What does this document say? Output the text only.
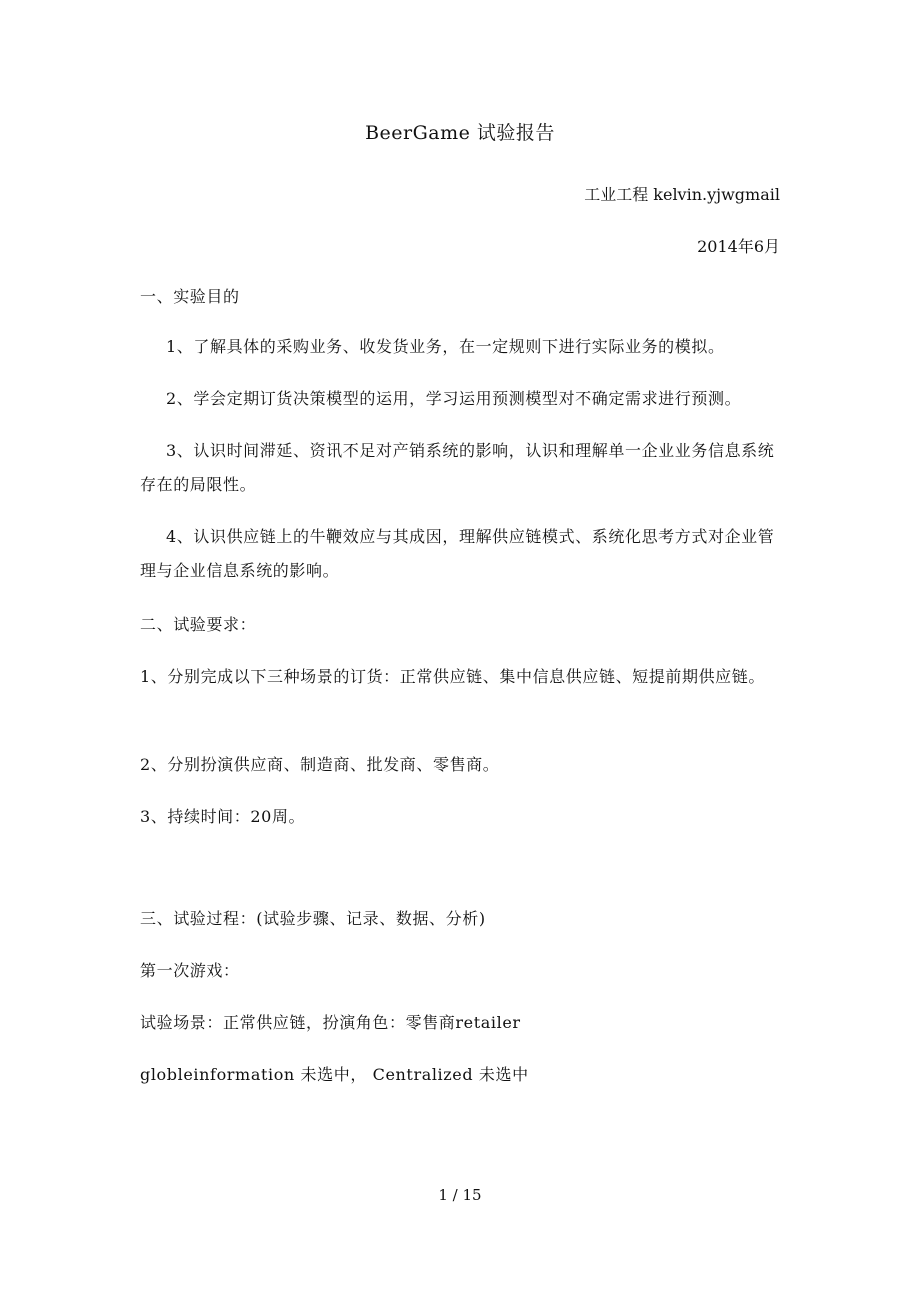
BeerGame 试验报告
工业工程 kelvin.yjwgmail
2014年6月
一、实验目的
1、了解具体的采购业务、收发货业务，在一定规则下进行实际业务的模拟。
2、学会定期订货决策模型的运用，学习运用预测模型对不确定需求进行预测。
3、认识时间滞延、资讯不足对产销系统的影响，认识和理解单一企业业务信息系统存在的局限性。
4、认识供应链上的牛鞭效应与其成因，理解供应链模式、系统化思考方式对企业管理与企业信息系统的影响。
二、试验要求：
1、分别完成以下三种场景的订货：正常供应链、集中信息供应链、短提前期供应链。
2、分别扮演供应商、制造商、批发商、零售商。
3、持续时间：20周。
三、试验过程：(试验步骤、记录、数据、分析)
第一次游戏：
试验场景：正常供应链，扮演角色：零售商retailer
globleinformation 未选中， Centralized 未选中
1 / 15
